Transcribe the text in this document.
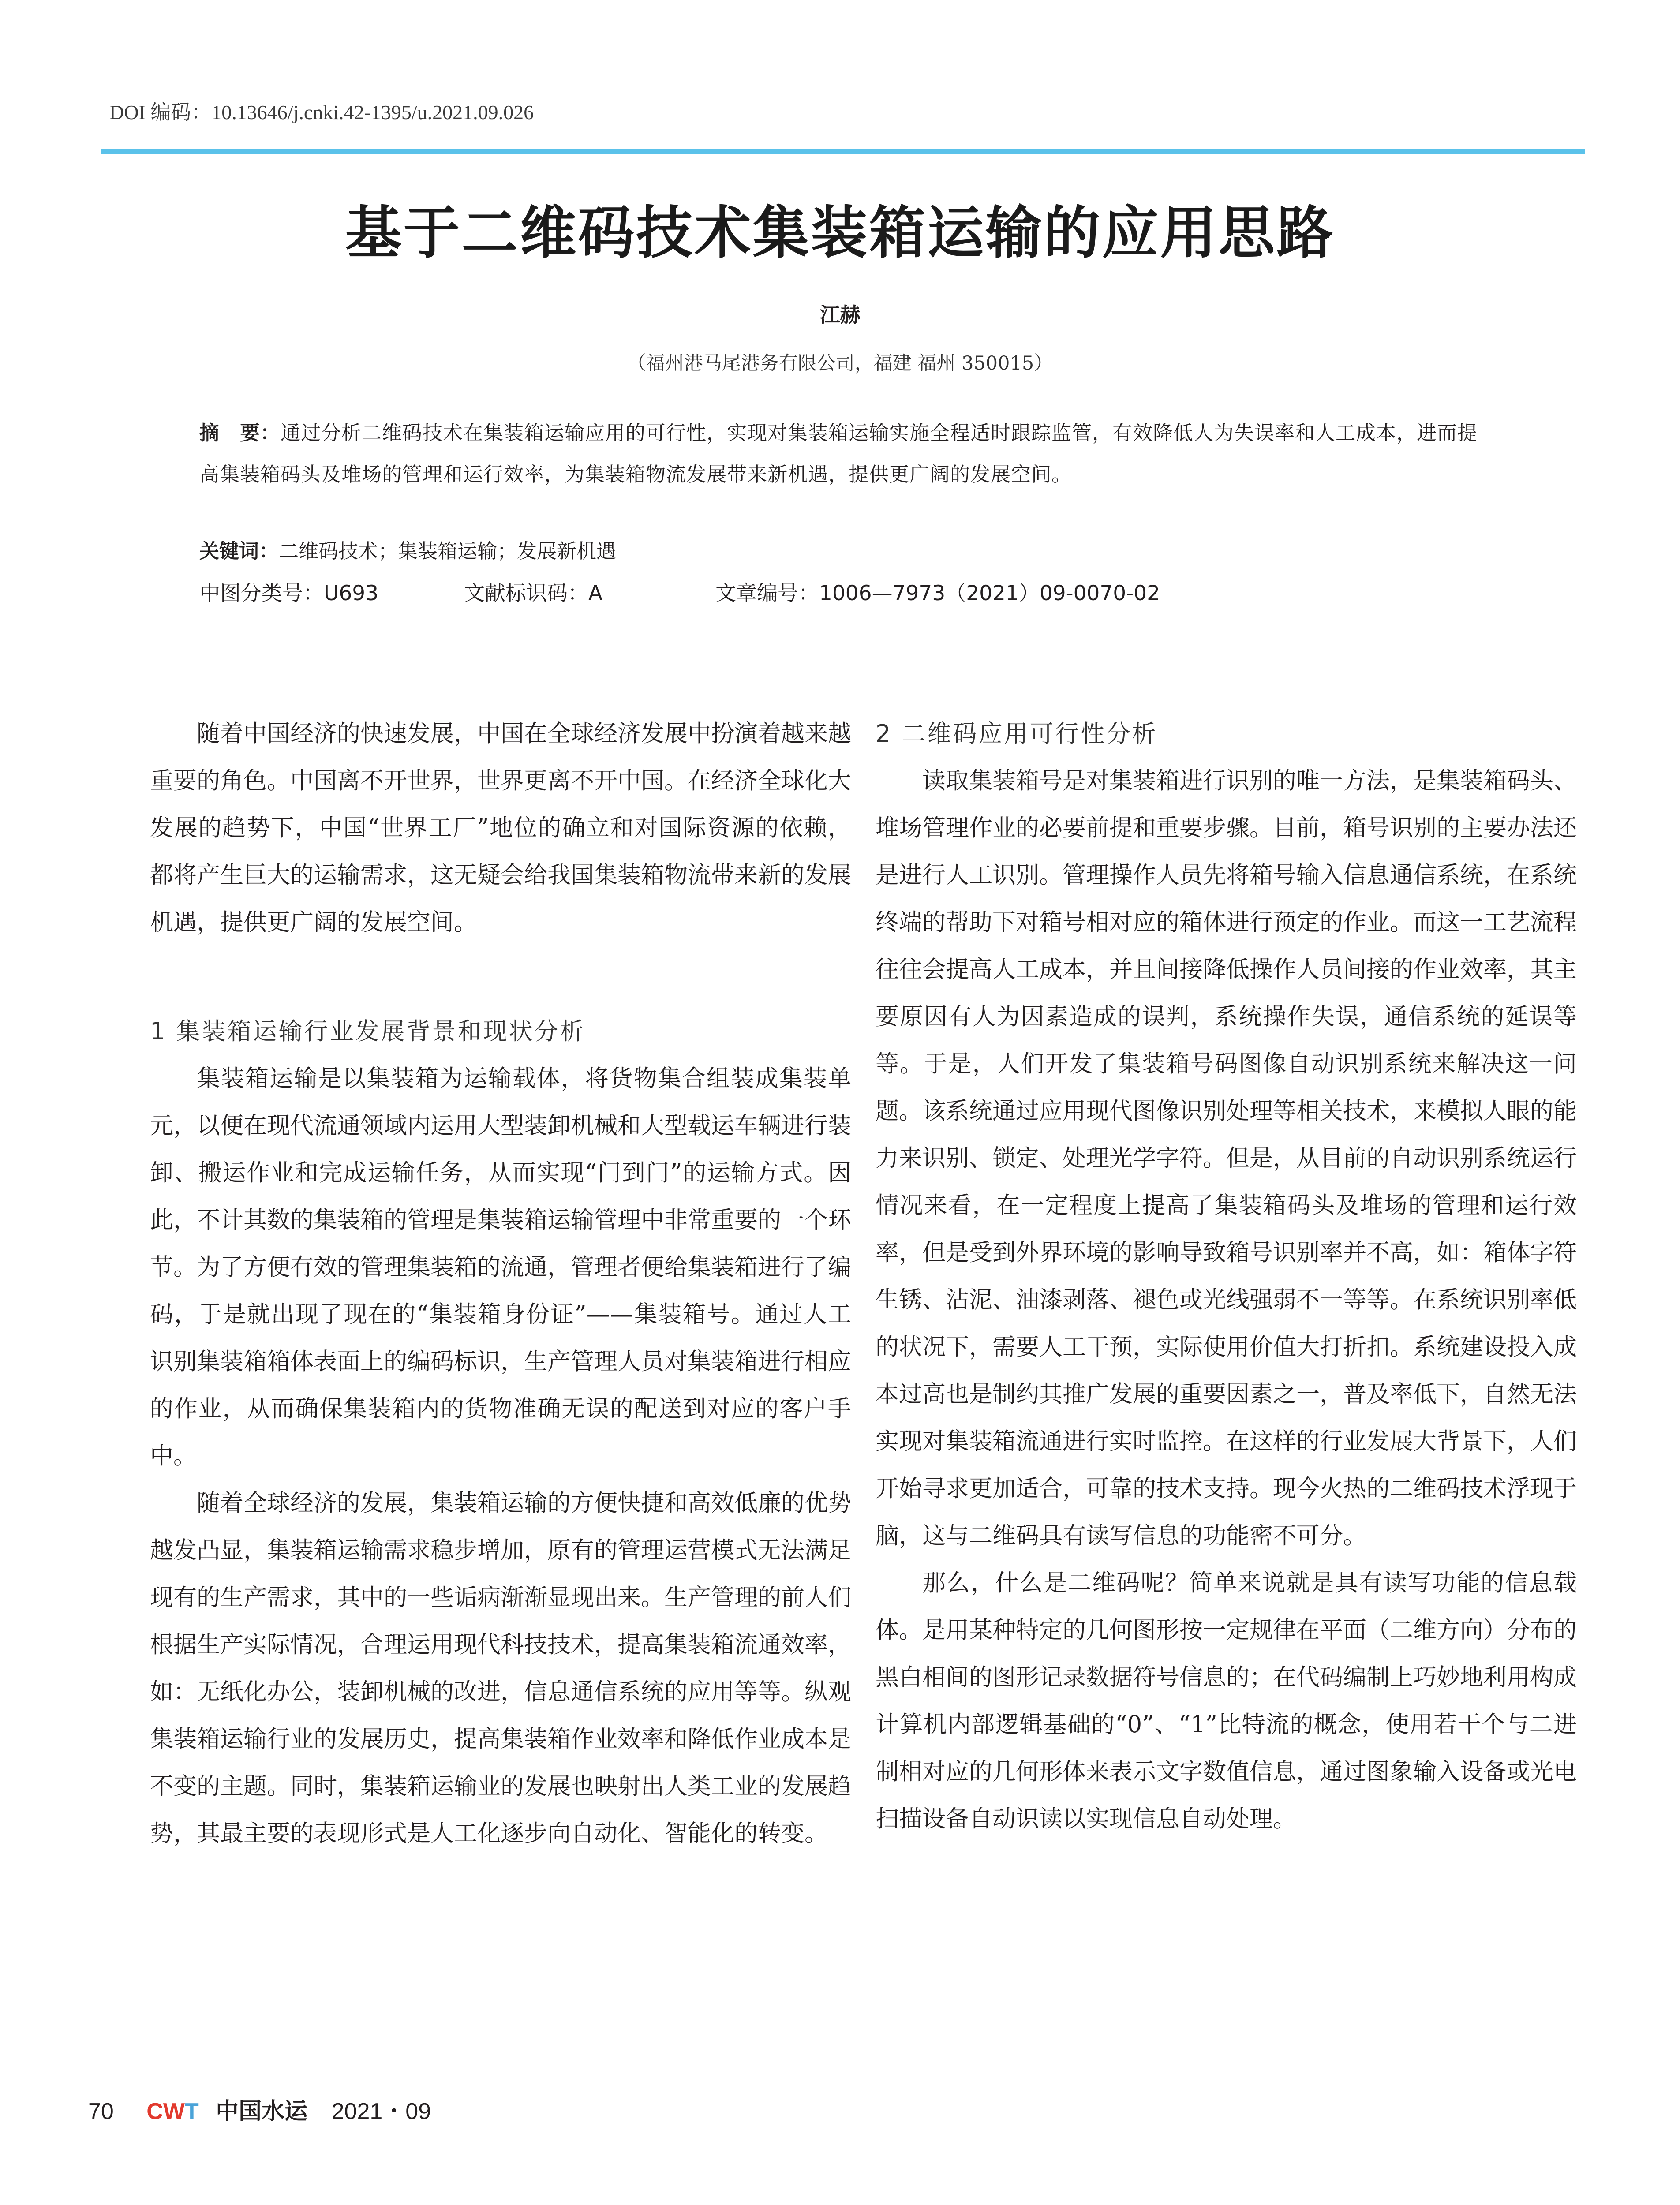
DOI 编码：10.13646/j.cnki.42-1395/u.2021.09.026
基于二维码技术集装箱运输的应用思路
江赫
（福州港马尾港务有限公司，福建 福州 350015）
摘　要：通过分析二维码技术在集装箱运输应用的可行性，实现对集装箱运输实施全程适时跟踪监管，有效降低人为失误率和人工成本，进而提高集装箱码头及堆场的管理和运行效率，为集装箱物流发展带来新机遇，提供更广阔的发展空间。
关键词：二维码技术；集装箱运输；发展新机遇
中图分类号：U693	文献标识码：A	文章编号：1006—7973（2021）09-0070-02

随着中国经济的快速发展，中国在全球经济发展中扮演着越来越重要的角色。中国离不开世界，世界更离不开中国。在经济全球化大发展的趋势下，中国“世界工厂”地位的确立和对国际资源的依赖，都将产生巨大的运输需求，这无疑会给我国集装箱物流带来新的发展机遇，提供更广阔的发展空间。

1 集装箱运输行业发展背景和现状分析

集装箱运输是以集装箱为运输载体，将货物集合组装成集装单元，以便在现代流通领域内运用大型装卸机械和大型载运车辆进行装卸、搬运作业和完成运输任务，从而实现“门到门”的运输方式。因此，不计其数的集装箱的管理是集装箱运输管理中非常重要的一个环节。为了方便有效的管理集装箱的流通，管理者便给集装箱进行了编码，于是就出现了现在的“集装箱身份证”——集装箱号。通过人工识别集装箱箱体表面上的编码标识，生产管理人员对集装箱进行相应的作业，从而确保集装箱内的货物准确无误的配送到对应的客户手中。

随着全球经济的发展，集装箱运输的方便快捷和高效低廉的优势越发凸显，集装箱运输需求稳步增加，原有的管理运营模式无法满足现有的生产需求，其中的一些诟病渐渐显现出来。生产管理的前人们根据生产实际情况，合理运用现代科技技术，提高集装箱流通效率，如：无纸化办公，装卸机械的改进，信息通信系统的应用等等。纵观集装箱运输行业的发展历史，提高集装箱作业效率和降低作业成本是不变的主题。同时，集装箱运输业的发展也映射出人类工业的发展趋势，其最主要的表现形式是人工化逐步向自动化、智能化的转变。

2 二维码应用可行性分析

读取集装箱号是对集装箱进行识别的唯一方法，是集装箱码头、堆场管理作业的必要前提和重要步骤。目前，箱号识别的主要办法还是进行人工识别。管理操作人员先将箱号输入信息通信系统，在系统终端的帮助下对箱号相对应的箱体进行预定的作业。而这一工艺流程往往会提高人工成本，并且间接降低操作人员间接的作业效率，其主要原因有人为因素造成的误判，系统操作失误，通信系统的延误等等。于是，人们开发了集装箱号码图像自动识别系统来解决这一问题。该系统通过应用现代图像识别处理等相关技术，来模拟人眼的能力来识别、锁定、处理光学字符。但是，从目前的自动识别系统运行情况来看，在一定程度上提高了集装箱码头及堆场的管理和运行效率，但是受到外界环境的影响导致箱号识别率并不高，如：箱体字符生锈、沾泥、油漆剥落、褪色或光线强弱不一等等。在系统识别率低的状况下，需要人工干预，实际使用价值大打折扣。系统建设投入成本过高也是制约其推广发展的重要因素之一，普及率低下，自然无法实现对集装箱流通进行实时监控。在这样的行业发展大背景下，人们开始寻求更加适合，可靠的技术支持。现今火热的二维码技术浮现于脑，这与二维码具有读写信息的功能密不可分。

那么，什么是二维码呢？简单来说就是具有读写功能的信息载体。是用某种特定的几何图形按一定规律在平面（二维方向）分布的黑白相间的图形记录数据符号信息的；在代码编制上巧妙地利用构成计算机内部逻辑基础的“0”、“1”比特流的概念，使用若干个与二进制相对应的几何形体来表示文字数值信息，通过图象输入设备或光电扫描设备自动识读以实现信息自动处理。

70 CWT 中国水运 2021・09
